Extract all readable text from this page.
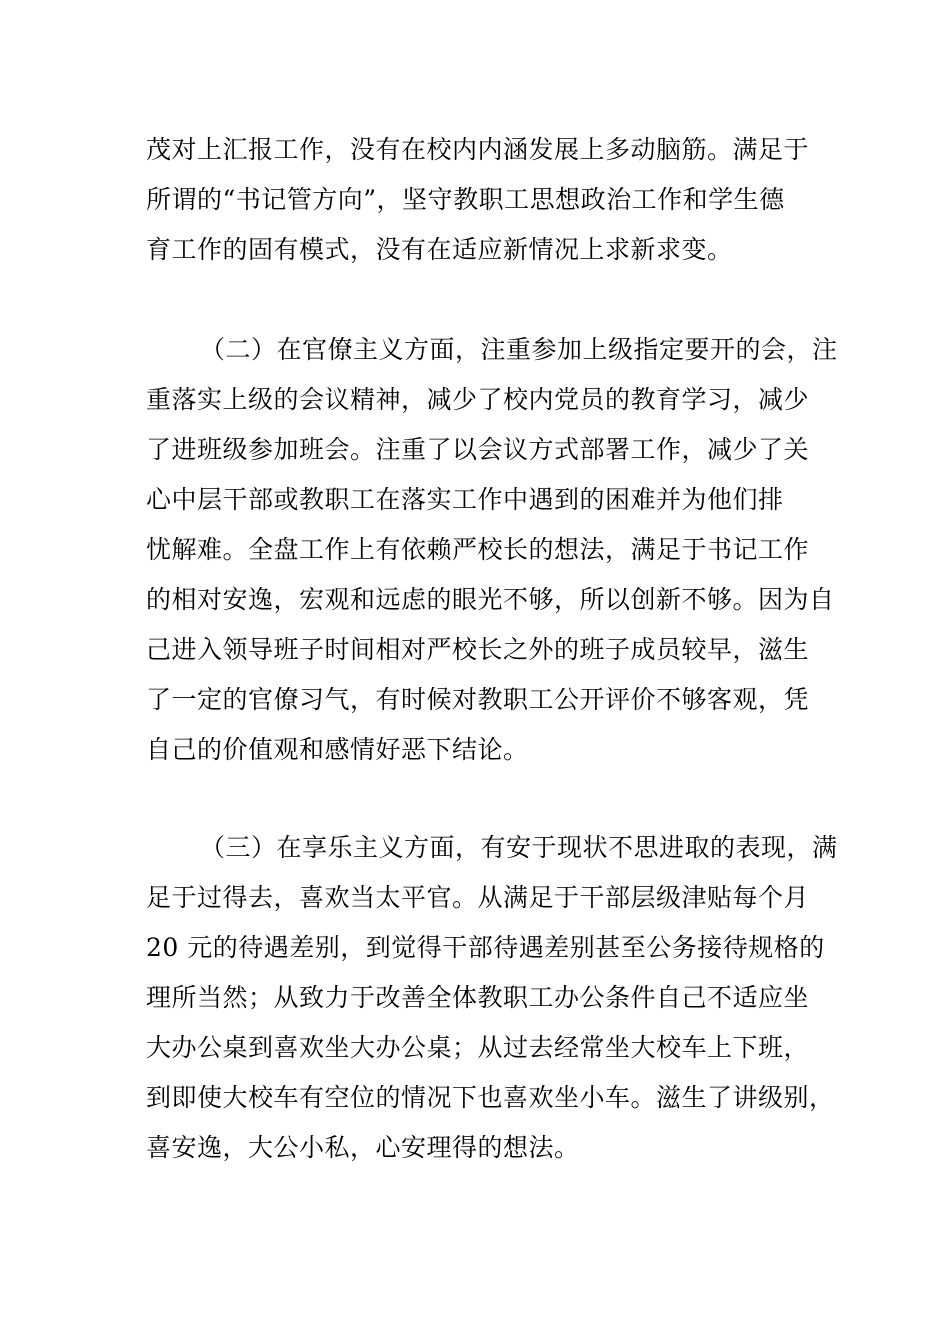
茂对上汇报工作，没有在校内内涵发展上多动脑筋。满足于
所谓的“书记管方向”，坚守教职工思想政治工作和学生德
育工作的固有模式，没有在适应新情况上求新求变。
（二）在官僚主义方面，注重参加上级指定要开的会，注
重落实上级的会议精神，减少了校内党员的教育学习，减少
了进班级参加班会。注重了以会议方式部署工作，减少了关
心中层干部或教职工在落实工作中遇到的困难并为他们排
忧解难。全盘工作上有依赖严校长的想法，满足于书记工作
的相对安逸，宏观和远虑的眼光不够，所以创新不够。因为自
己进入领导班子时间相对严校长之外的班子成员较早，滋生
了一定的官僚习气，有时候对教职工公开评价不够客观，凭
自己的价值观和感情好恶下结论。
（三）在享乐主义方面，有安于现状不思进取的表现，满
足于过得去，喜欢当太平官。从满足于干部层级津贴每个月
20 元的待遇差别，到觉得干部待遇差别甚至公务接待规格的
理所当然；从致力于改善全体教职工办公条件自己不适应坐
大办公桌到喜欢坐大办公桌；从过去经常坐大校车上下班，
到即使大校车有空位的情况下也喜欢坐小车。滋生了讲级别，
喜安逸，大公小私，心安理得的想法。
